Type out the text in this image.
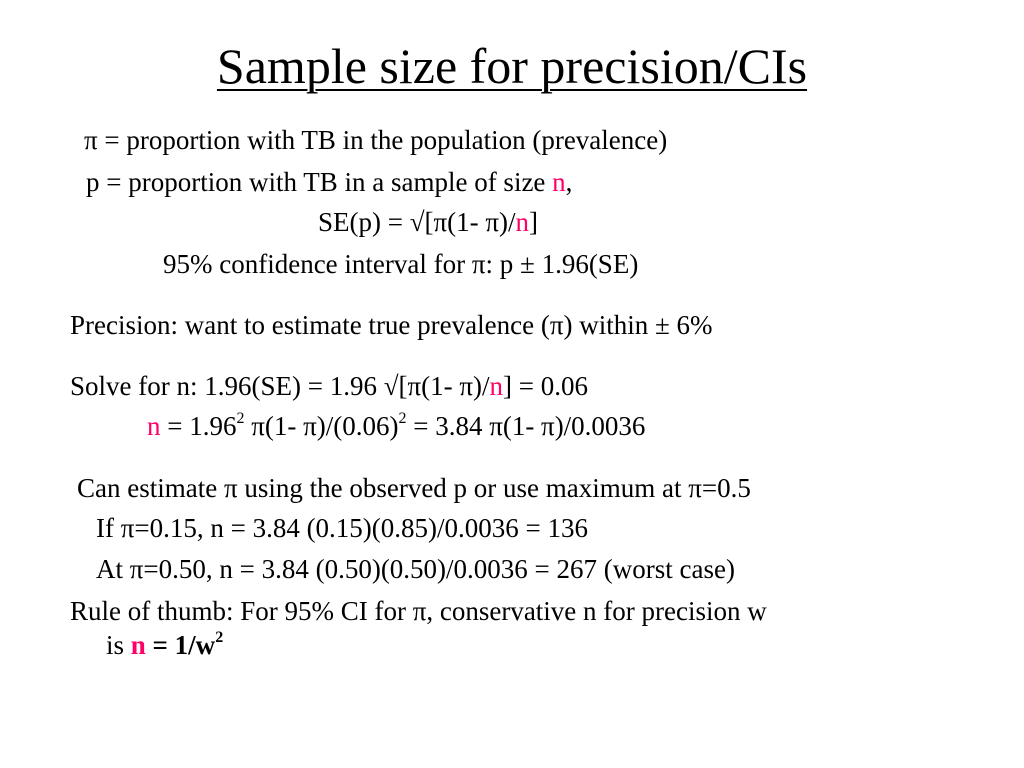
Sample size for precision/CIs
π = proportion with TB in the population (prevalence)
p = proportion with TB in a sample of size n,
SE(p) = √[π(1- π)/n]
95% confidence interval for π: p ± 1.96(SE)
Precision: want to estimate true prevalence (π) within ± 6%
Solve for n: 1.96(SE) = 1.96 √[π(1- π)/n] = 0.06
$n = 1.96^2$ π(1- $\pi)/(0.06)^2 = 3.84$ π(1- π)/0.0036
Can estimate π using the observed p or use maximum at π=0.5
If π=0.15, n = 3.84 (0.15)(0.85)/0.0036 = 136
At π=0.50, n = 3.84 (0.50)(0.50)/0.0036 = 267 (worst case)
Rule of thumb: For 95% CI for π, conservative n for precision w
is $n = 1/w^2$
